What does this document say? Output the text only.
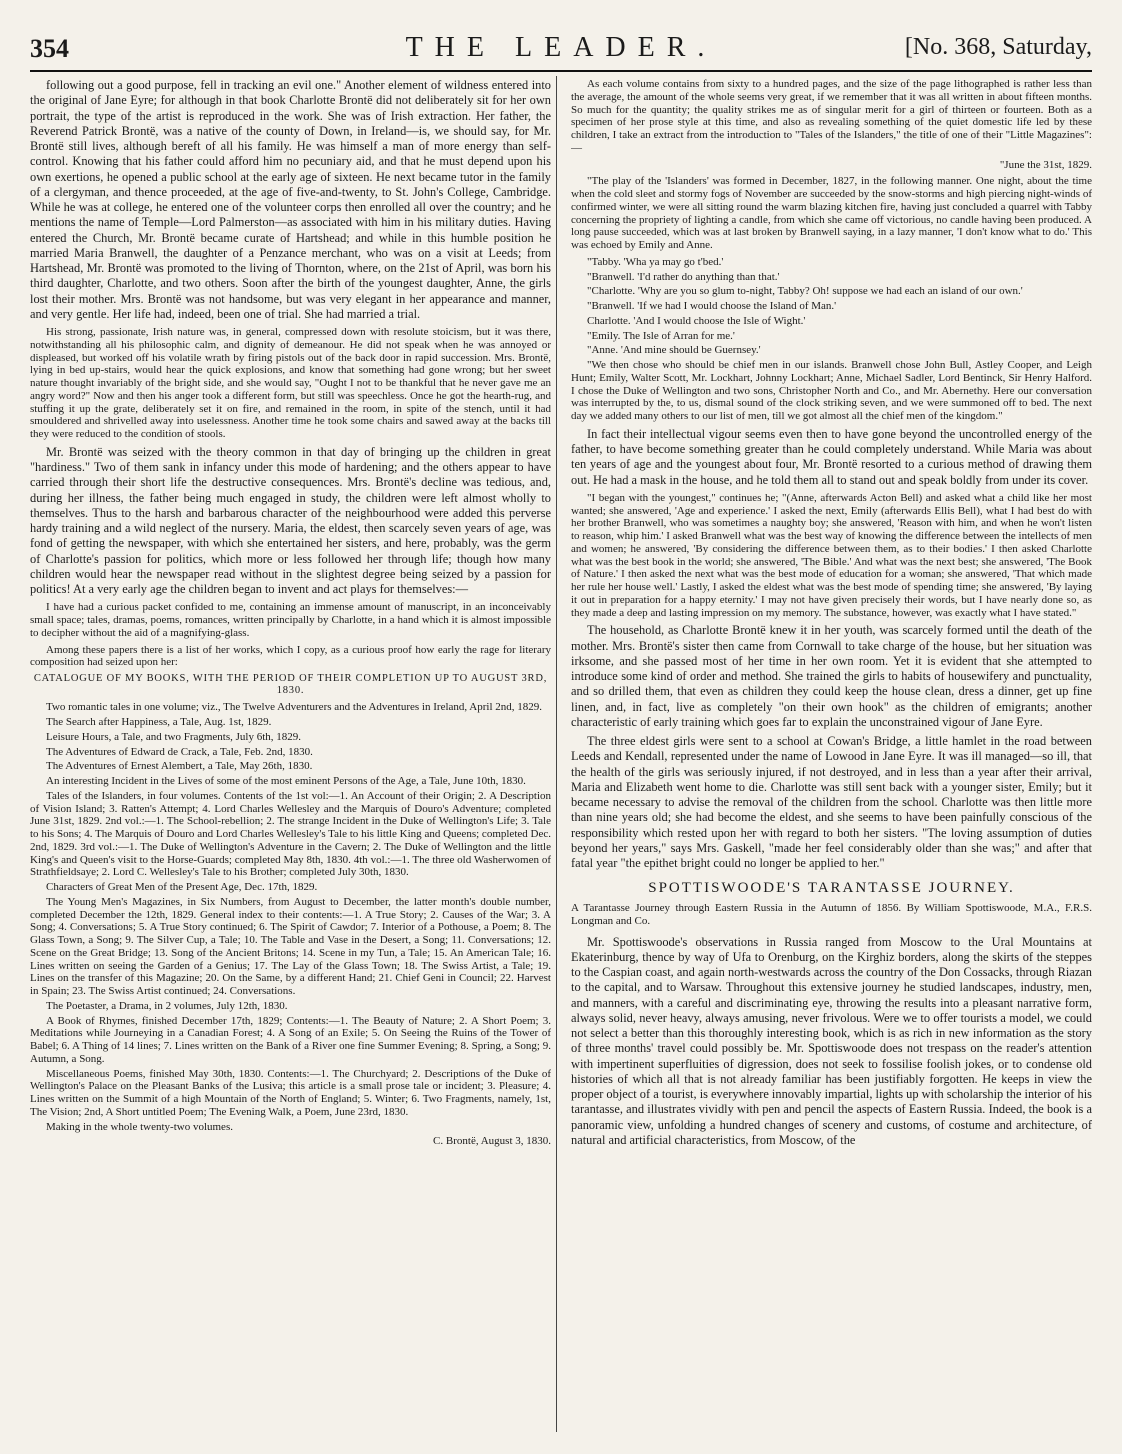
354	THE LEADER.	[No. 368, Saturday,

following out a good purpose, fell in tracking an evil one." Another element of wildness entered into the original of Jane Eyre; for although in that book Charlotte Brontë did not deliberately sit for her own portrait, the type of the artist is reproduced in the work. She was of Irish extraction. Her father, the Reverend Patrick Brontë, was a native of the county of Down, in Ireland—is, we should say, for Mr. Brontë still lives, although bereft of all his family. He was himself a man of more energy than self-control. Knowing that his father could afford him no pecuniary aid, and that he must depend upon his own exertions, he opened a public school at the early age of sixteen. He next became tutor in the family of a clergyman, and thence proceeded, at the age of five-and-twenty, to St. John's College, Cambridge. While he was at college, he entered one of the volunteer corps then enrolled all over the country; and he mentions the name of Temple—Lord Palmerston—as associated with him in his military duties. Having entered the Church, Mr. Brontë became curate of Hartshead; and while in this humble position he married Maria Branwell, the daughter of a Penzance merchant, who was on a visit at Leeds; from Hartshead, Mr. Brontë was promoted to the living of Thornton, where, on the 21st of April, was born his third daughter, Charlotte, and two others. Soon after the birth of the youngest daughter, Anne, the girls lost their mother. Mrs. Brontë was not handsome, but was very elegant in her appearance and manner, and very gentle. Her life had, indeed, been one of trial. She had married a trial.

His strong, passionate, Irish nature was, in general, compressed down with resolute stoicism, but it was there, notwithstanding all his philosophic calm, and dignity of demeanour. He did not speak when he was annoyed or displeased, but worked off his volatile wrath by firing pistols out of the back door in rapid succession. Mrs. Brontë, lying in bed up-stairs, would hear the quick explosions, and know that something had gone wrong; but her sweet nature thought invariably of the bright side, and she would say, "Ought I not to be thankful that he never gave me an angry word?" Now and then his anger took a different form, but still was speechless. Once he got the hearth-rug, and stuffing it up the grate, deliberately set it on fire, and remained in the room, in spite of the stench, until it had smouldered and shrivelled away into uselessness. Another time he took some chairs and sawed away at the backs till they were reduced to the condition of stools.

Mr. Brontë was seized with the theory common in that day of bringing up the children in great "hardiness." Two of them sank in infancy under this mode of hardening; and the others appear to have carried through their short life the destructive consequences. Mrs. Brontë's decline was tedious, and, during her illness, the father being much engaged in study, the children were left almost wholly to themselves. Thus to the harsh and barbarous character of the neighbourhood were added this perverse hardy training and a wild neglect of the nursery. Maria, the eldest, then scarcely seven years of age, was fond of getting the newspaper, with which she entertained her sisters, and here, probably, was the germ of Charlotte's passion for politics, which more or less followed her through life; though how many children would hear the newspaper read without in the slightest degree being seized by a passion for politics! At a very early age the children began to invent and act plays for themselves:—

I have had a curious packet confided to me, containing an immense amount of manuscript, in an inconceivably small space; tales, dramas, poems, romances, written principally by Charlotte, in a hand which it is almost impossible to decipher without the aid of a magnifying-glass.

Among these papers there is a list of her works, which I copy, as a curious proof how early the rage for literary composition had seized upon her:

CATALOGUE OF MY BOOKS, WITH THE PERIOD OF THEIR COMPLETION UP TO AUGUST 3RD, 1830.

Two romantic tales in one volume; viz., The Twelve Adventurers and the Adventures in Ireland, April 2nd, 1829.

The Search after Happiness, a Tale, Aug. 1st, 1829.

Leisure Hours, a Tale, and two Fragments, July 6th, 1829.

The Adventures of Edward de Crack, a Tale, Feb. 2nd, 1830.

The Adventures of Ernest Alembert, a Tale, May 26th, 1830.

An interesting Incident in the Lives of some of the most eminent Persons of the Age, a Tale, June 10th, 1830.

Tales of the Islanders, in four volumes. Contents of the 1st vol:—1. An Account of their Origin; 2. A Description of Vision Island; 3. Ratten's Attempt; 4. Lord Charles Wellesley and the Marquis of Douro's Adventure; completed June 31st, 1829. 2nd vol.:—1. The School-rebellion; 2. The strange Incident in the Duke of Wellington's Life; 3. Tale to his Sons; 4. The Marquis of Douro and Lord Charles Wellesley's Tale to his little King and Queens; completed Dec. 2nd, 1829. 3rd vol.:—1. The Duke of Wellington's Adventure in the Cavern; 2. The Duke of Wellington and the little King's and Queen's visit to the Horse-Guards; completed May 8th, 1830. 4th vol.:—1. The three old Washerwomen of Strathfieldsaye; 2. Lord C. Wellesley's Tale to his Brother; completed July 30th, 1830.

Characters of Great Men of the Present Age, Dec. 17th, 1829.

The Young Men's Magazines, in Six Numbers, from August to December, the latter month's double number, completed December the 12th, 1829. General index to their contents:—1. A True Story; 2. Causes of the War; 3. A Song; 4. Conversations; 5. A True Story continued; 6. The Spirit of Cawdor; 7. Interior of a Pothouse, a Poem; 8. The Glass Town, a Song; 9. The Silver Cup, a Tale; 10. The Table and Vase in the Desert, a Song; 11. Conversations; 12. Scene on the Great Bridge; 13. Song of the Ancient Britons; 14. Scene in my Tun, a Tale; 15. An American Tale; 16. Lines written on seeing the Garden of a Genius; 17. The Lay of the Glass Town; 18. The Swiss Artist, a Tale; 19. Lines on the transfer of this Magazine; 20. On the Same, by a different Hand; 21. Chief Geni in Council; 22. Harvest in Spain; 23. The Swiss Artist continued; 24. Conversations.

The Poetaster, a Drama, in 2 volumes, July 12th, 1830.

A Book of Rhymes, finished December 17th, 1829; Contents:—1. The Beauty of Nature; 2. A Short Poem; 3. Meditations while Journeying in a Canadian Forest; 4. A Song of an Exile; 5. On Seeing the Ruins of the Tower of Babel; 6. A Thing of 14 lines; 7. Lines written on the Bank of a River one fine Summer Evening; 8. Spring, a Song; 9. Autumn, a Song.

Miscellaneous Poems, finished May 30th, 1830. Contents:—1. The Churchyard; 2. Descriptions of the Duke of Wellington's Palace on the Pleasant Banks of the Lusiva; this article is a small prose tale or incident; 3. Pleasure; 4. Lines written on the Summit of a high Mountain of the North of England; 5. Winter; 6. Two Fragments, namely, 1st, The Vision; 2nd, A Short untitled Poem; The Evening Walk, a Poem, June 23rd, 1830.

Making in the whole twenty-two volumes.

C. Brontë, August 3, 1830.

As each volume contains from sixty to a hundred pages, and the size of the page lithographed is rather less than the average, the amount of the whole seems very great, if we remember that it was all written in about fifteen months. So much for the quantity; the quality strikes me as of singular merit for a girl of thirteen or fourteen. Both as a specimen of her prose style at this time, and also as revealing something of the quiet domestic life led by these children, I take an extract from the introduction to "Tales of the Islanders," the title of one of their "Little Magazines":—

"June the 31st, 1829.

"The play of the 'Islanders' was formed in December, 1827, in the following manner. One night, about the time when the cold sleet and stormy fogs of November are succeeded by the snow-storms and high piercing night-winds of confirmed winter, we were all sitting round the warm blazing kitchen fire, having just concluded a quarrel with Tabby concerning the propriety of lighting a candle, from which she came off victorious, no candle having been produced. A long pause succeeded, which was at last broken by Branwell saying, in a lazy manner, 'I don't know what to do.' This was echoed by Emily and Anne.

"Tabby. 'Wha ya may go t'bed.'

"Branwell. 'I'd rather do anything than that.'

"Charlotte. 'Why are you so glum to-night, Tabby? Oh! suppose we had each an island of our own.'

"Branwell. 'If we had I would choose the Island of Man.'

Charlotte. 'And I would choose the Isle of Wight.'

"Emily. The Isle of Arran for me.'

"Anne. 'And mine should be Guernsey.'

"We then chose who should be chief men in our islands. Branwell chose John Bull, Astley Cooper, and Leigh Hunt; Emily, Walter Scott, Mr. Lockhart, Johnny Lockhart; Anne, Michael Sadler, Lord Bentinck, Sir Henry Halford. I chose the Duke of Wellington and two sons, Christopher North and Co., and Mr. Abernethy. Here our conversation was interrupted by the, to us, dismal sound of the clock striking seven, and we were summoned off to bed. The next day we added many others to our list of men, till we got almost all the chief men of the kingdom."

In fact their intellectual vigour seems even then to have gone beyond the uncontrolled energy of the father, to have become something greater than he could completely understand. While Maria was about ten years of age and the youngest about four, Mr. Brontë resorted to a curious method of drawing them out. He had a mask in the house, and he told them all to stand out and speak boldly from under its cover.

"I began with the youngest," continues he; "(Anne, afterwards Acton Bell) and asked what a child like her most wanted; she answered, 'Age and experience.' I asked the next, Emily (afterwards Ellis Bell), what I had best do with her brother Branwell, who was sometimes a naughty boy; she answered, 'Reason with him, and when he won't listen to reason, whip him.' I asked Branwell what was the best way of knowing the difference between the intellects of men and women; he answered, 'By considering the difference between them, as to their bodies.' I then asked Charlotte what was the best book in the world; she answered, 'The Bible.' And what was the next best; she answered, 'The Book of Nature.' I then asked the next what was the best mode of education for a woman; she answered, 'That which made her rule her house well.' Lastly, I asked the eldest what was the best mode of spending time; she answered, 'By laying it out in preparation for a happy eternity.' I may not have given precisely their words, but I have nearly done so, as they made a deep and lasting impression on my memory. The substance, however, was exactly what I have stated."

The household, as Charlotte Brontë knew it in her youth, was scarcely formed until the death of the mother. Mrs. Brontë's sister then came from Cornwall to take charge of the house, but her situation was irksome, and she passed most of her time in her own room. Yet it is evident that she attempted to introduce some kind of order and method. She trained the girls to habits of housewifery and punctuality, and so drilled them, that even as children they could keep the house clean, dress a dinner, get up fine linen, and, in fact, live as completely "on their own hook" as the children of emigrants; another characteristic of early training which goes far to explain the unconstrained vigour of Jane Eyre.

The three eldest girls were sent to a school at Cowan's Bridge, a little hamlet in the road between Leeds and Kendall, represented under the name of Lowood in Jane Eyre. It was ill managed—so ill, that the health of the girls was seriously injured, if not destroyed, and in less than a year after their arrival, Maria and Elizabeth went home to die. Charlotte was still sent back with a younger sister, Emily; but it became necessary to advise the removal of the children from the school. Charlotte was then little more than nine years old; she had become the eldest, and she seems to have been painfully conscious of the responsibility which rested upon her with regard to both her sisters. "The loving assumption of duties beyond her years," says Mrs. Gaskell, "made her feel considerably older than she was;" and after that fatal year "the epithet bright could no longer be applied to her."

SPOTTISWOODE'S TARANTASSE JOURNEY.

A Tarantasse Journey through Eastern Russia in the Autumn of 1856. By William Spottiswoode, M.A., F.R.S. Longman and Co.

Mr. Spottiswoode's observations in Russia ranged from Moscow to the Ural Mountains at Ekaterinburg, thence by way of Ufa to Orenburg, on the Kirghiz borders, along the skirts of the steppes to the Caspian coast, and again north-westwards across the country of the Don Cossacks, through Riazan to the capital, and to Warsaw. Throughout this extensive journey he studied landscapes, industry, men, and manners, with a careful and discriminating eye, throwing the results into a pleasant narrative form, always solid, never heavy, always amusing, never frivolous. Were we to offer tourists a model, we could not select a better than this thoroughly interesting book, which is as rich in new information as the story of three months' travel could possibly be. Mr. Spottiswoode does not trespass on the reader's attention with impertinent superfluities of digression, does not seek to fossilise foolish jokes, or to condense old histories of which all that is not already familiar has been justifiably forgotten. He keeps in view the proper object of a tourist, is everywhere innovably impartial, lights up with scholarship the interior of his tarantasse, and illustrates vividly with pen and pencil the aspects of Eastern Russia. Indeed, the book is a panoramic view, unfolding a hundred changes of scenery and customs, of costume and architecture, of natural and artificial characteristics, from Moscow, of the
